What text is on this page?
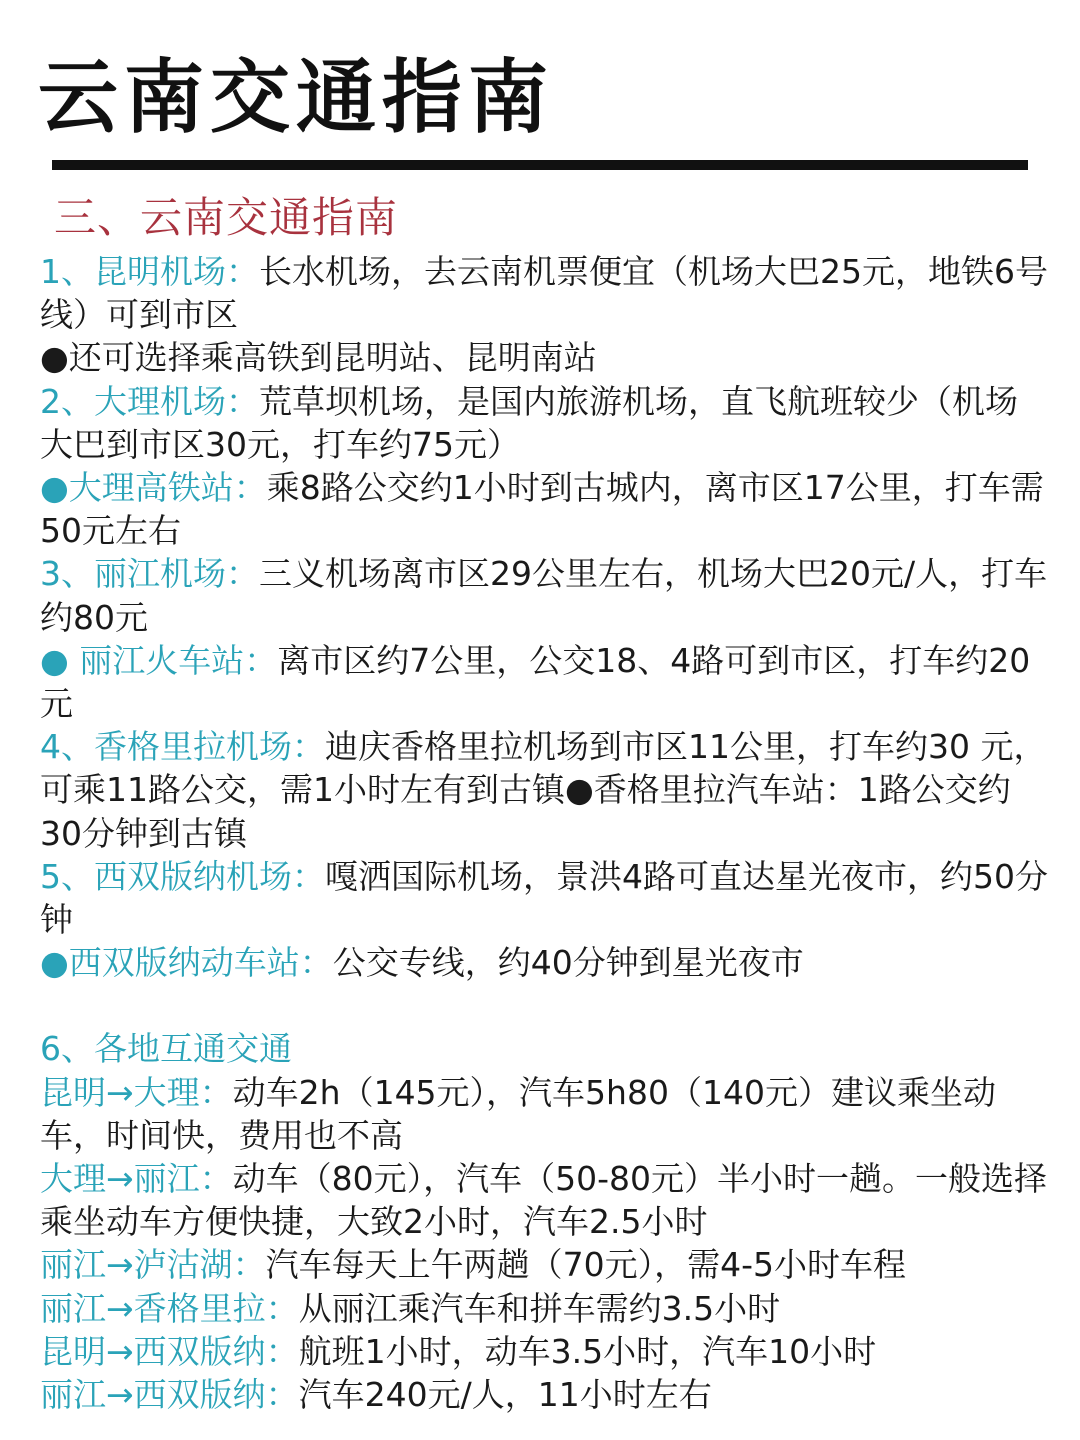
云南交通指南
三、云南交通指南

1、昆明机场：长水机场，去云南机票便宜（机场大巴25元，地铁6号线）可到市区

●还可选择乘高铁到昆明站、昆明南站

2、大理机场：荒草坝机场，是国内旅游机场，直飞航班较少（机场大巴到市区30元，打车约75元）

●大理高铁站：乘8路公交约1小时到古城内，离市区17公里，打车需50元左右

3、丽江机场：三义机场离市区29公里左右，机场大巴20元/人，打车约80元

● 丽江火车站：离市区约7公里，公交18、4路可到市区，打车约20元

4、香格里拉机场：迪庆香格里拉机场到市区11公里，打车约30 元，可乘11路公交，需1小时左有到古镇●香格里拉汽车站：1路公交约30分钟到古镇

5、西双版纳机场：嘎洒国际机场，景洪4路可直达星光夜市，约50分钟

●西双版纳动车站：公交专线，约40分钟到星光夜市

6、各地互通交通

昆明→大理：动车2h（145元），汽车5h80（140元）建议乘坐动车，时间快，费用也不高

大理→丽江：动车（80元），汽车（50-80元）半小时一趟。一般选择乘坐动车方便快捷，大致2小时，汽车2.5小时

丽江→泸沽湖：汽车每天上午两趟（70元），需4-5小时车程

丽江→香格里拉：从丽江乘汽车和拼车需约3.5小时

昆明→西双版纳：航班1小时，动车3.5小时，汽车10小时

丽江→西双版纳：汽车240元/人，11小时左右
